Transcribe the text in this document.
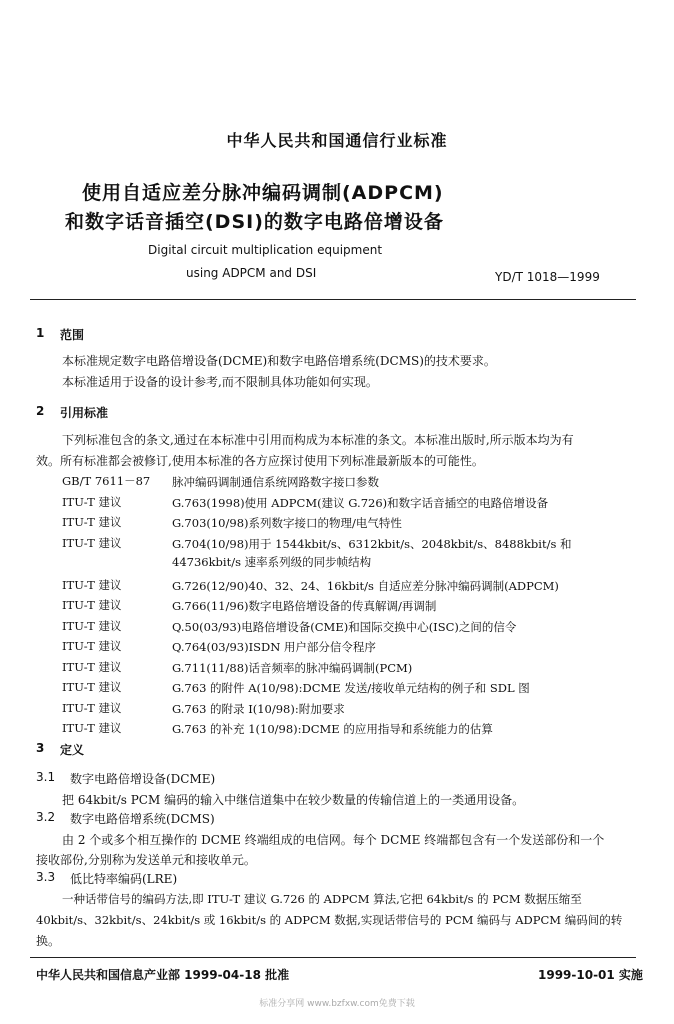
中华人民共和国通信行业标准
使用自适应差分脉冲编码调制(ADPCM)
和数字话音插空(DSI)的数字电路倍增设备
Digital circuit multiplication equipment
using ADPCM and DSI	YD/T 1018—1999
1 范围
本标准规定数字电路倍增设备(DCME)和数字电路倍增系统(DCMS)的技术要求。
本标准适用于设备的设计参考,而不限制具体功能如何实现。
2 引用标准
下列标准包含的条文,通过在本标准中引用而构成为本标准的条文。本标准出版时,所示版本均为有
效。所有标准都会被修订,使用本标准的各方应探讨使用下列标准最新版本的可能性。
GB/T 7611－87	脉冲编码调制通信系统网路数字接口参数
ITU-T 建议	G.763(1998)使用 ADPCM(建议 G.726)和数字话音插空的电路倍增设备
ITU-T 建议	G.703(10/98)系列数字接口的物理/电气特性
ITU-T 建议	G.704(10/98)用于 1544kbit/s、6312kbit/s、2048kbit/s、8488kbit/s 和 44736kbit/s 速率系列级的同步帧结构
ITU-T 建议	G.726(12/90)40、32、24、16kbit/s 自适应差分脉冲编码调制(ADPCM)
ITU-T 建议	G.766(11/96)数字电路倍增设备的传真解调/再调制
ITU-T 建议	Q.50(03/93)电路倍增设备(CME)和国际交换中心(ISC)之间的信令
ITU-T 建议	Q.764(03/93)ISDN 用户部分信令程序
ITU-T 建议	G.711(11/88)话音频率的脉冲编码调制(PCM)
ITU-T 建议	G.763 的附件 A(10/98):DCME 发送/接收单元结构的例子和 SDL 图
ITU-T 建议	G.763 的附录 I(10/98):附加要求
ITU-T 建议	G.763 的补充 1(10/98):DCME 的应用指导和系统能力的估算
3 定义
3.1 数字电路倍增设备(DCME)
把 64kbit/s PCM 编码的输入中继信道集中在较少数量的传输信道上的一类通用设备。
3.2 数字电路倍增系统(DCMS)
由 2 个或多个相互操作的 DCME 终端组成的电信网。每个 DCME 终端都包含有一个发送部份和一个
接收部份,分别称为发送单元和接收单元。
3.3 低比特率编码(LRE)
一种话带信号的编码方法,即 ITU-T 建议 G.726 的 ADPCM 算法,它把 64kbit/s 的 PCM 数据压缩至
40kbit/s、32kbit/s、24kbit/s 或 16kbit/s 的 ADPCM 数据,实现话带信号的 PCM 编码与 ADPCM 编码间的转
换。
中华人民共和国信息产业部 1999-04-18 批准	1999-10-01 实施
标准分享网 www.bzfxw.com免费下载
